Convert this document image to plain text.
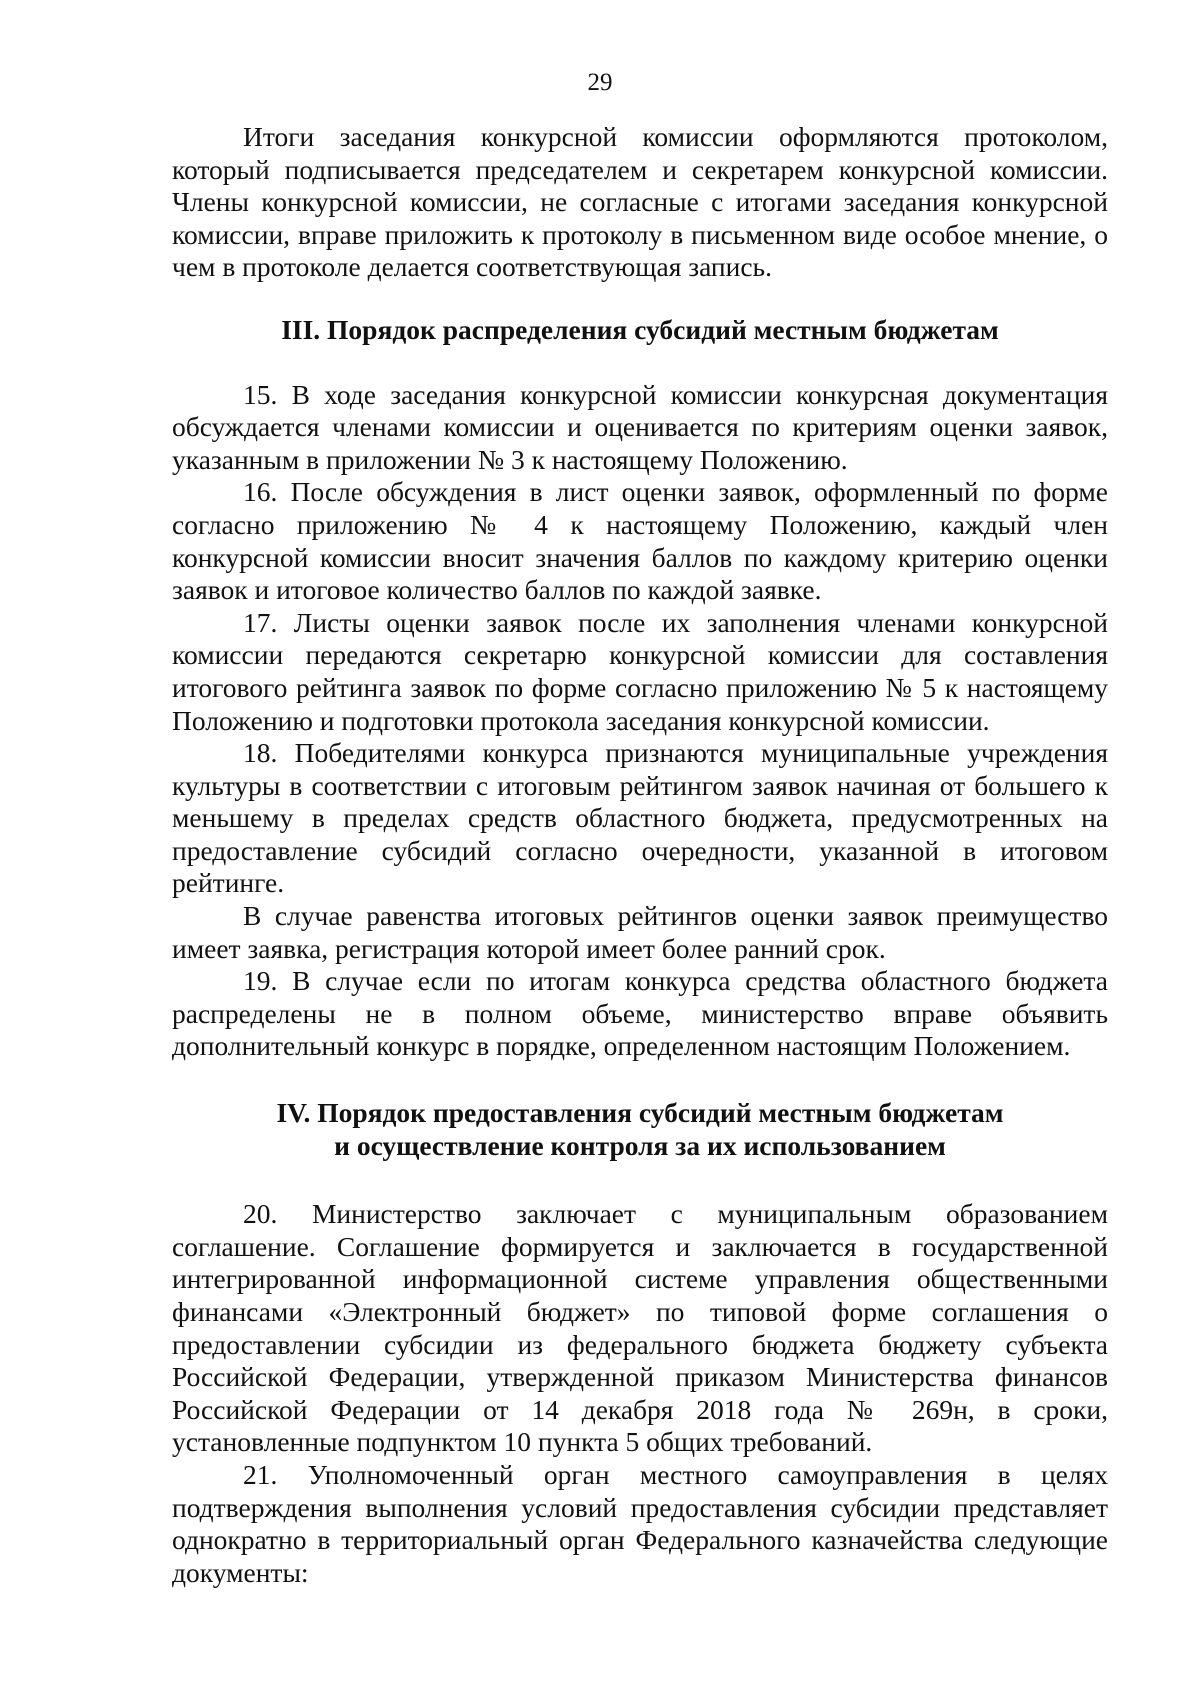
29

Итоги заседания конкурсной комиссии оформляются протоколом, который подписывается председателем и секретарем конкурсной комиссии. Члены конкурсной комиссии, не согласные с итогами заседания конкурсной комиссии, вправе приложить к протоколу в письменном виде особое мнение, о чем в протоколе делается соответствующая запись.

III. Порядок распределения субсидий местным бюджетам

15. В ходе заседания конкурсной комиссии конкурсная документация обсуждается членами комиссии и оценивается по критериям оценки заявок, указанным в приложении № 3 к настоящему Положению.

16. После обсуждения в лист оценки заявок, оформленный по форме согласно приложению № 4 к настоящему Положению, каждый член конкурсной комиссии вносит значения баллов по каждому критерию оценки заявок и итоговое количество баллов по каждой заявке.

17. Листы оценки заявок после их заполнения членами конкурсной комиссии передаются секретарю конкурсной комиссии для составления итогового рейтинга заявок по форме согласно приложению № 5 к настоящему Положению и подготовки протокола заседания конкурсной комиссии.

18. Победителями конкурса признаются муниципальные учреждения культуры в соответствии с итоговым рейтингом заявок начиная от большего к меньшему в пределах средств областного бюджета, предусмотренных на предоставление субсидий согласно очередности, указанной в итоговом рейтинге.

В случае равенства итоговых рейтингов оценки заявок преимущество имеет заявка, регистрация которой имеет более ранний срок.

19. В случае если по итогам конкурса средства областного бюджета распределены не в полном объеме, министерство вправе объявить дополнительный конкурс в порядке, определенном настоящим Положением.

IV. Порядок предоставления субсидий местным бюджетам
и осуществление контроля за их использованием

20. Министерство заключает с муниципальным образованием соглашение. Соглашение формируется и заключается в государственной интегрированной информационной системе управления общественными финансами «Электронный бюджет» по типовой форме соглашения о предоставлении субсидии из федерального бюджета бюджету субъекта Российской Федерации, утвержденной приказом Министерства финансов Российской Федерации от 14 декабря 2018 года № 269н, в сроки, установленные подпунктом 10 пункта 5 общих требований.

21. Уполномоченный орган местного самоуправления в целях подтверждения выполнения условий предоставления субсидии представляет однократно в территориальный орган Федерального казначейства следующие документы:
